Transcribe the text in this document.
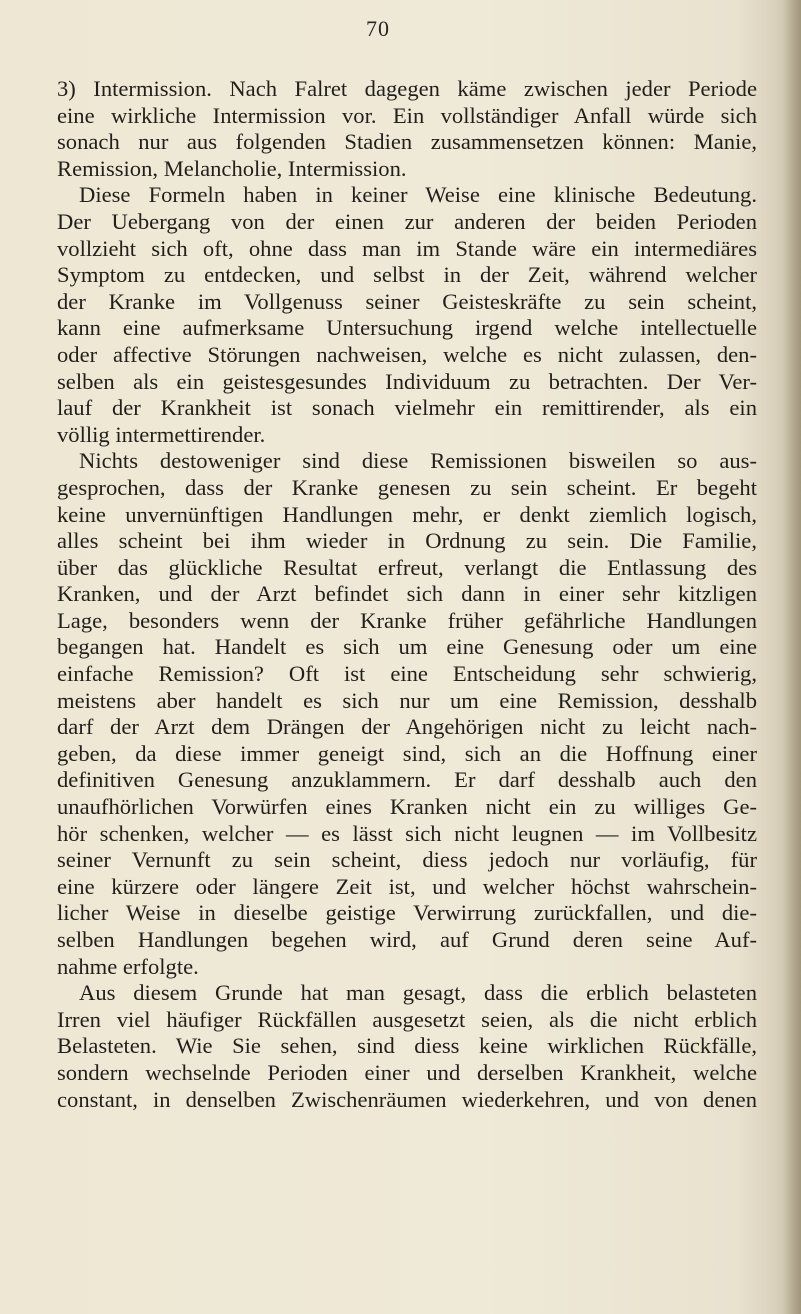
70
3) Intermission. Nach Falret dagegen käme zwischen jeder Periode
eine wirkliche Intermission vor. Ein vollständiger Anfall würde sich
sonach nur aus folgenden Stadien zusammensetzen können: Manie,
Remission, Melancholie, Intermission.
Diese Formeln haben in keiner Weise eine klinische Bedeutung.
Der Uebergang von der einen zur anderen der beiden Perioden
vollzieht sich oft, ohne dass man im Stande wäre ein intermediäres
Symptom zu entdecken, und selbst in der Zeit, während welcher
der Kranke im Vollgenuss seiner Geisteskräfte zu sein scheint,
kann eine aufmerksame Untersuchung irgend welche intellectuelle
oder affective Störungen nachweisen, welche es nicht zulassen, den-
selben als ein geistesgesundes Individuum zu betrachten. Der Ver-
lauf der Krankheit ist sonach vielmehr ein remittirender, als ein
völlig intermettirender.
Nichts destoweniger sind diese Remissionen bisweilen so aus-
gesprochen, dass der Kranke genesen zu sein scheint. Er begeht
keine unvernünftigen Handlungen mehr, er denkt ziemlich logisch,
alles scheint bei ihm wieder in Ordnung zu sein. Die Familie,
über das glückliche Resultat erfreut, verlangt die Entlassung des
Kranken, und der Arzt befindet sich dann in einer sehr kitzligen
Lage, besonders wenn der Kranke früher gefährliche Handlungen
begangen hat. Handelt es sich um eine Genesung oder um eine
einfache Remission? Oft ist eine Entscheidung sehr schwierig,
meistens aber handelt es sich nur um eine Remission, desshalb
darf der Arzt dem Drängen der Angehörigen nicht zu leicht nach-
geben, da diese immer geneigt sind, sich an die Hoffnung einer
definitiven Genesung anzuklammern. Er darf desshalb auch den
unaufhörlichen Vorwürfen eines Kranken nicht ein zu williges Ge-
hör schenken, welcher — es lässt sich nicht leugnen — im Vollbesitz
seiner Vernunft zu sein scheint, diess jedoch nur vorläufig, für
eine kürzere oder längere Zeit ist, und welcher höchst wahrschein-
licher Weise in dieselbe geistige Verwirrung zurückfallen, und die-
selben Handlungen begehen wird, auf Grund deren seine Auf-
nahme erfolgte.
Aus diesem Grunde hat man gesagt, dass die erblich belasteten
Irren viel häufiger Rückfällen ausgesetzt seien, als die nicht erblich
Belasteten. Wie Sie sehen, sind diess keine wirklichen Rückfälle,
sondern wechselnde Perioden einer und derselben Krankheit, welche
constant, in denselben Zwischenräumen wiederkehren, und von denen
